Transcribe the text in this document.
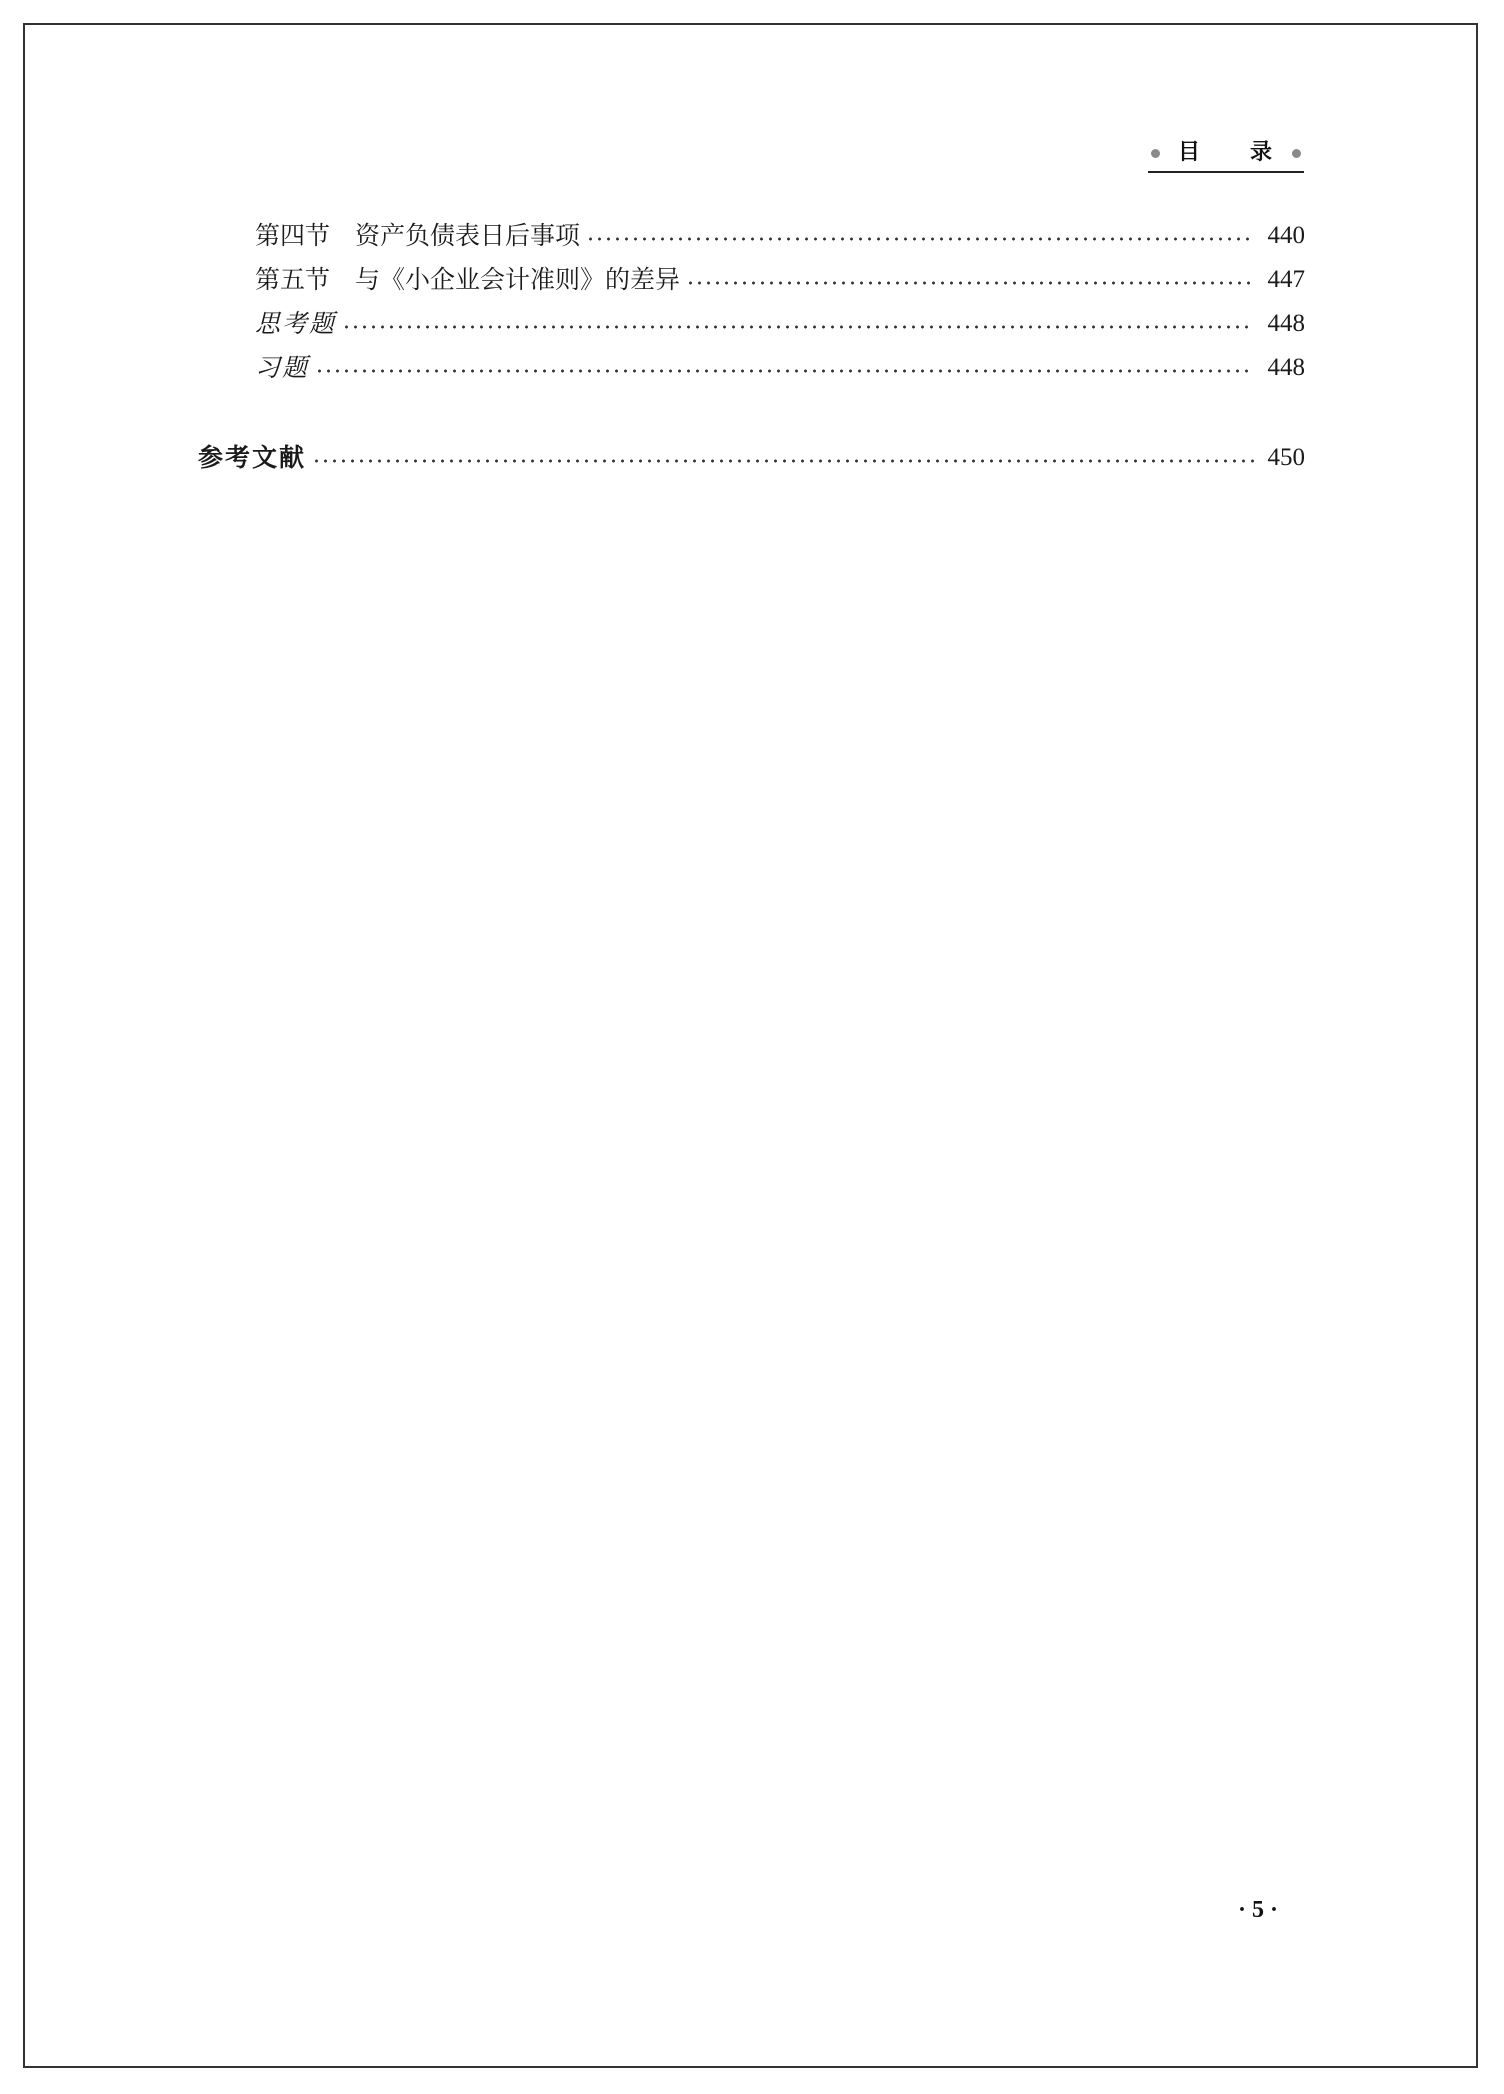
目 录
第四节　资产负债表日后事项	440
第五节　与《小企业会计准则》的差异	447
思考题	448
习题	448
参考文献	450
· 5 ·
